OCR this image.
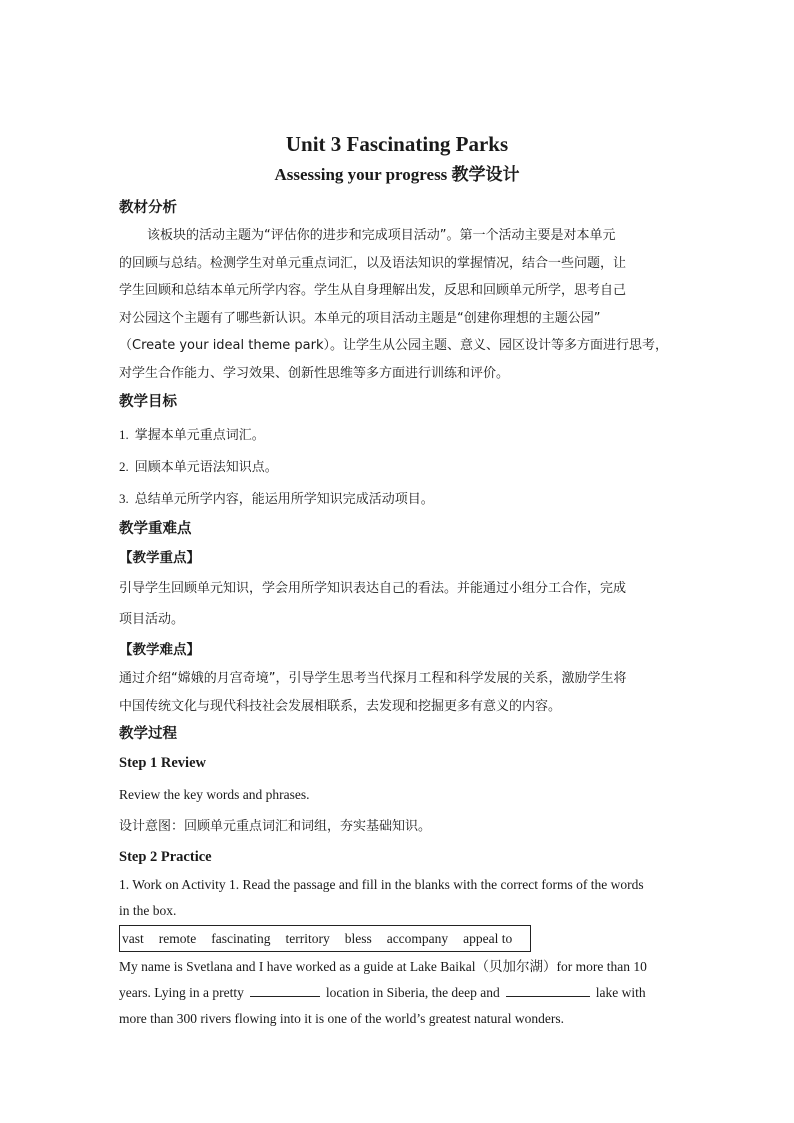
Unit 3 Fascinating Parks

Assessing your progress 教学设计

教材分析

该板块的活动主题为“评估你的进步和完成项目活动”。第一个活动主要是对本单元

的回顾与总结。检测学生对单元重点词汇，以及语法知识的掌握情况，结合一些问题，让

学生回顾和总结本单元所学内容。学生从自身理解出发，反思和回顾单元所学，思考自己

对公园这个主题有了哪些新认识。本单元的项目活动主题是“创建你理想的主题公园”

（Create your ideal theme park）。让学生从公园主题、意义、园区设计等多方面进行思考，

对学生合作能力、学习效果、创新性思维等多方面进行训练和评价。

教学目标

1. 掌握本单元重点词汇。

2. 回顾本单元语法知识点。

3. 总结单元所学内容，能运用所学知识完成活动项目。

教学重难点

【教学重点】

引导学生回顾单元知识，学会用所学知识表达自己的看法。并能通过小组分工合作，完成

项目活动。

【教学难点】

通过介绍“嫦娥的月宫奇境”，引导学生思考当代探月工程和科学发展的关系，激励学生将

中国传统文化与现代科技社会发展相联系，去发现和挖掘更多有意义的内容。

教学过程

Step 1 Review

Review the key words and phrases.

设计意图：回顾单元重点词汇和词组，夯实基础知识。

Step 2 Practice

1. Work on Activity 1. Read the passage and fill in the blanks with the correct forms of the words

in the box.

vast remote fascinating territory bless accompany appeal to

My name is Svetlana and I have worked as a guide at Lake Baikal（贝加尔湖）for more than 10

years. Lying in a pretty	location in Siberia, the deep and	lake with

more than 300 rivers flowing into it is one of the world’s greatest natural wonders.
